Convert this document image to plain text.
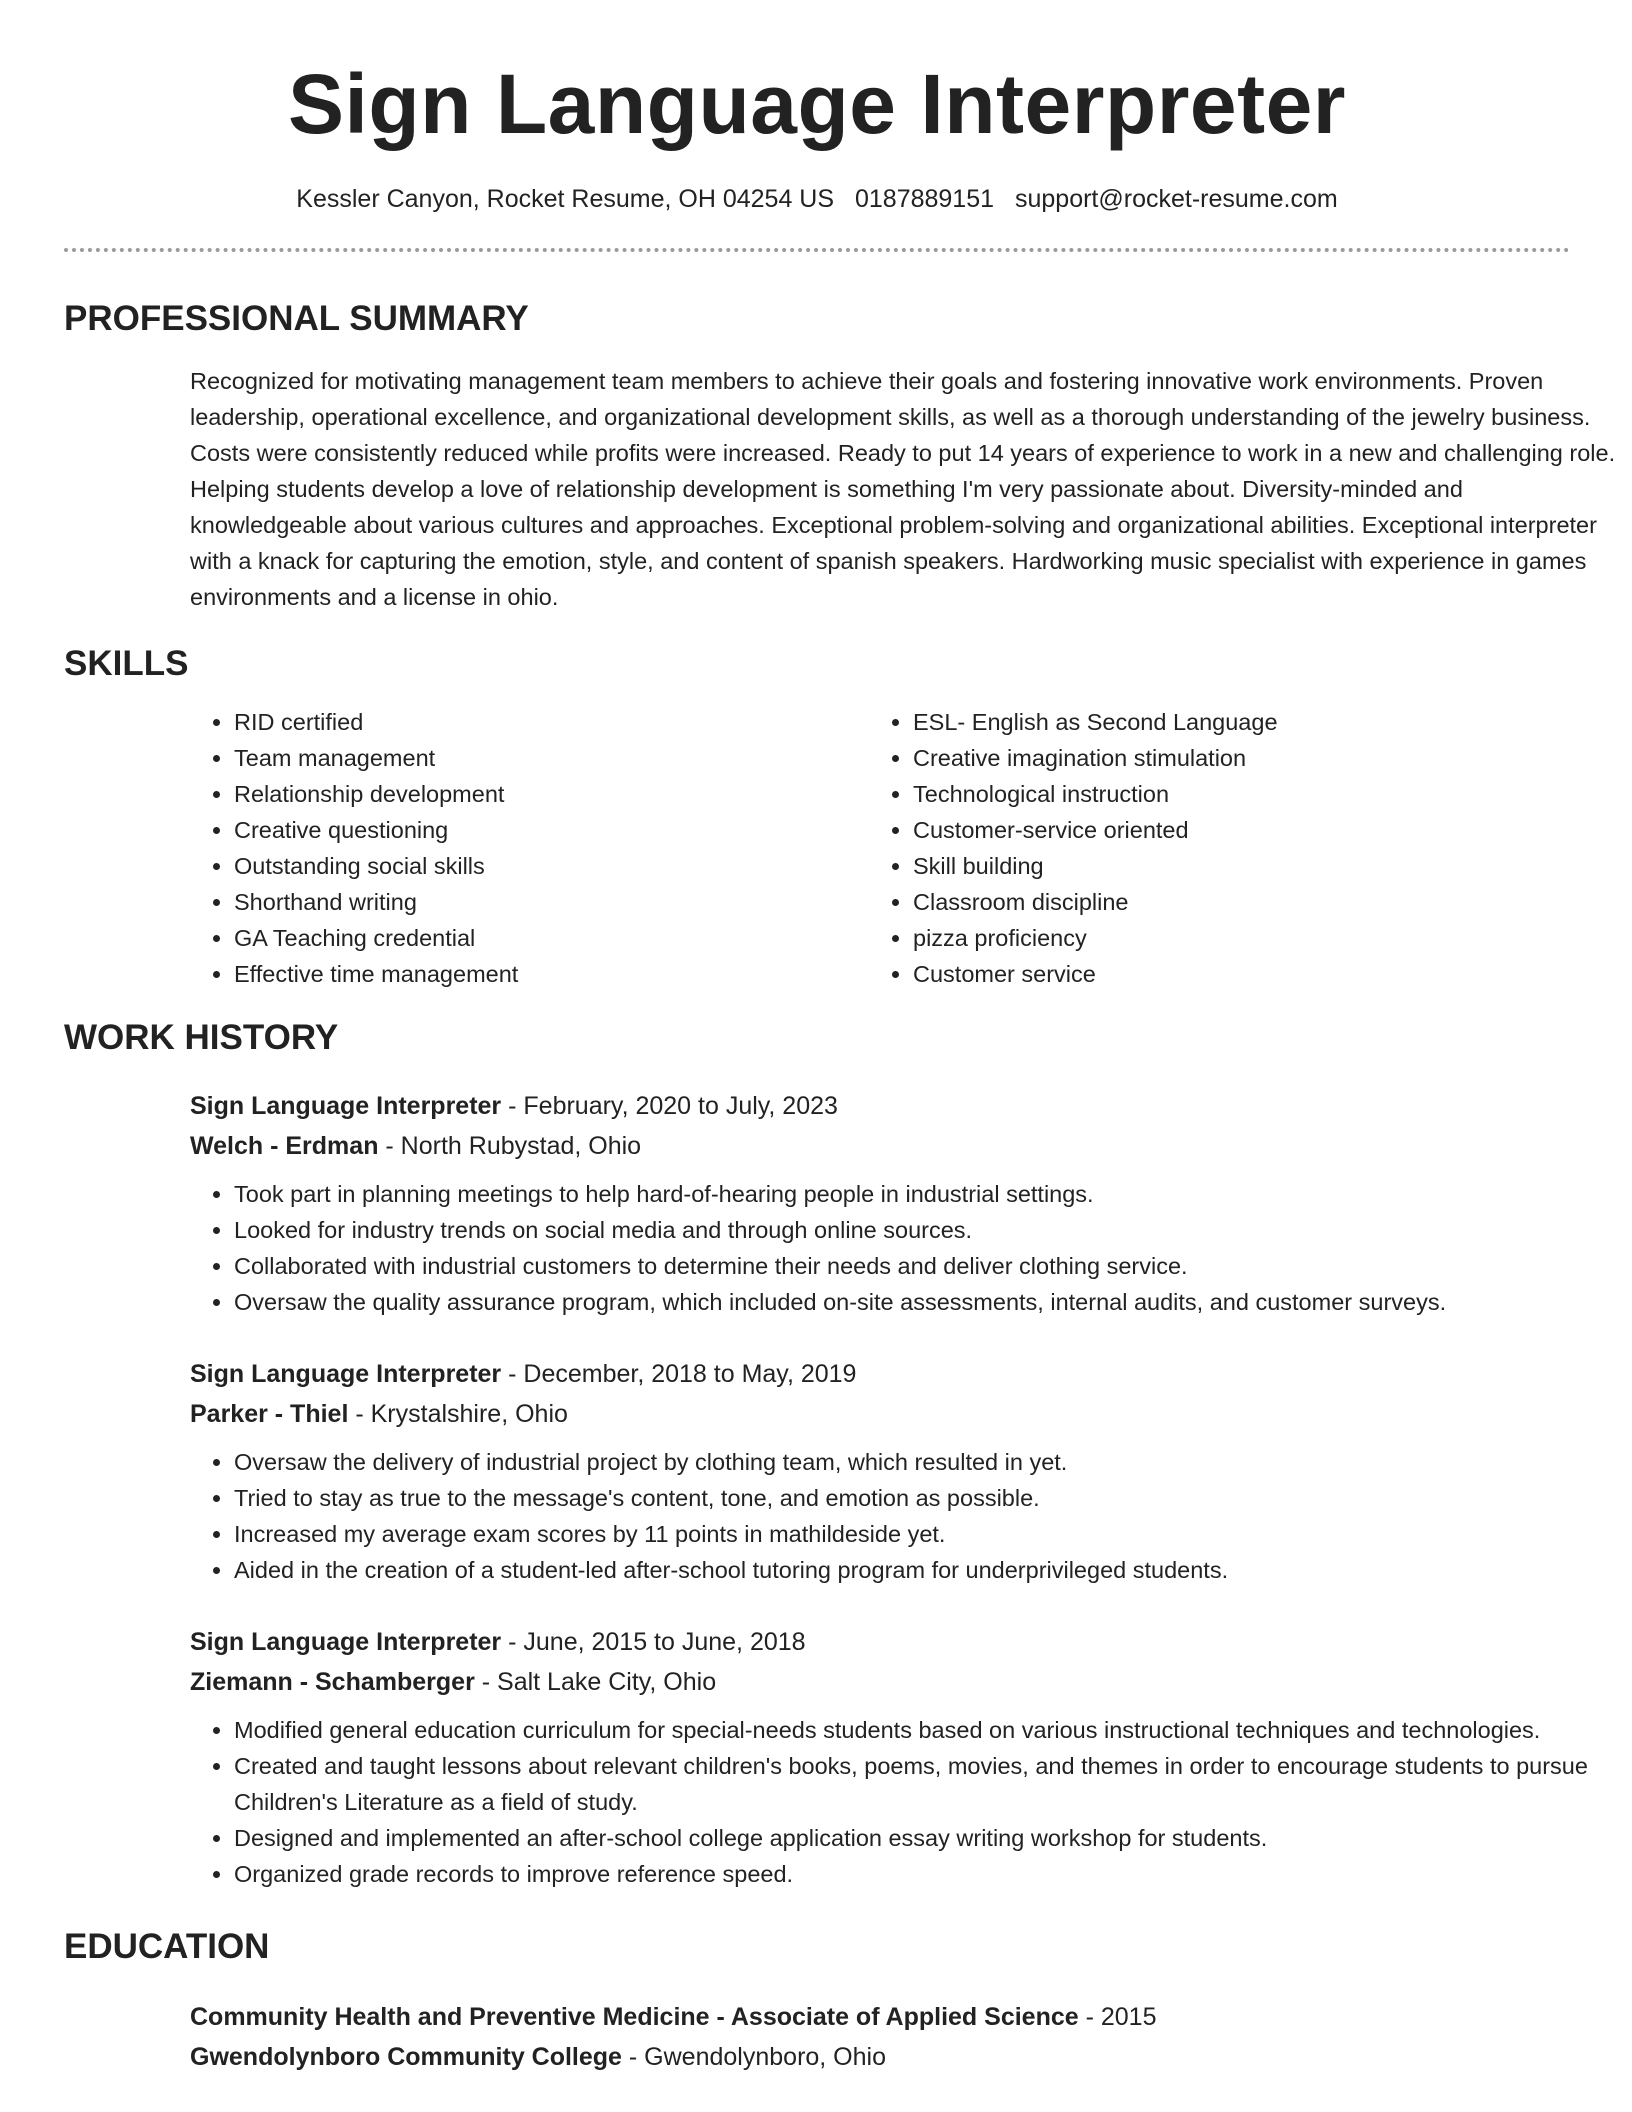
Sign Language Interpreter
Kessler Canyon, Rocket Resume, OH 04254 US 0187889151 support@rocket-resume.com
PROFESSIONAL SUMMARY
Recognized for motivating management team members to achieve their goals and fostering innovative work environments. Proven leadership, operational excellence, and organizational development skills, as well as a thorough understanding of the jewelry business. Costs were consistently reduced while profits were increased. Ready to put 14 years of experience to work in a new and challenging role. Helping students develop a love of relationship development is something I'm very passionate about. Diversity-minded and knowledgeable about various cultures and approaches. Exceptional problem-solving and organizational abilities. Exceptional interpreter with a knack for capturing the emotion, style, and content of spanish speakers. Hardworking music specialist with experience in games environments and a license in ohio.
SKILLS
• RID certified
• Team management
• Relationship development
• Creative questioning
• Outstanding social skills
• Shorthand writing
• GA Teaching credential
• Effective time management
• ESL- English as Second Language
• Creative imagination stimulation
• Technological instruction
• Customer-service oriented
• Skill building
• Classroom discipline
• pizza proficiency
• Customer service
WORK HISTORY
Sign Language Interpreter - February, 2020 to July, 2023
Welch - Erdman - North Rubystad, Ohio
• Took part in planning meetings to help hard-of-hearing people in industrial settings.
• Looked for industry trends on social media and through online sources.
• Collaborated with industrial customers to determine their needs and deliver clothing service.
• Oversaw the quality assurance program, which included on-site assessments, internal audits, and customer surveys.
Sign Language Interpreter - December, 2018 to May, 2019
Parker - Thiel - Krystalshire, Ohio
• Oversaw the delivery of industrial project by clothing team, which resulted in yet.
• Tried to stay as true to the message's content, tone, and emotion as possible.
• Increased my average exam scores by 11 points in mathildeside yet.
• Aided in the creation of a student-led after-school tutoring program for underprivileged students.
Sign Language Interpreter - June, 2015 to June, 2018
Ziemann - Schamberger - Salt Lake City, Ohio
• Modified general education curriculum for special-needs students based on various instructional techniques and technologies.
• Created and taught lessons about relevant children's books, poems, movies, and themes in order to encourage students to pursue Children's Literature as a field of study.
• Designed and implemented an after-school college application essay writing workshop for students.
• Organized grade records to improve reference speed.
EDUCATION
Community Health and Preventive Medicine - Associate of Applied Science - 2015
Gwendolynboro Community College - Gwendolynboro, Ohio
